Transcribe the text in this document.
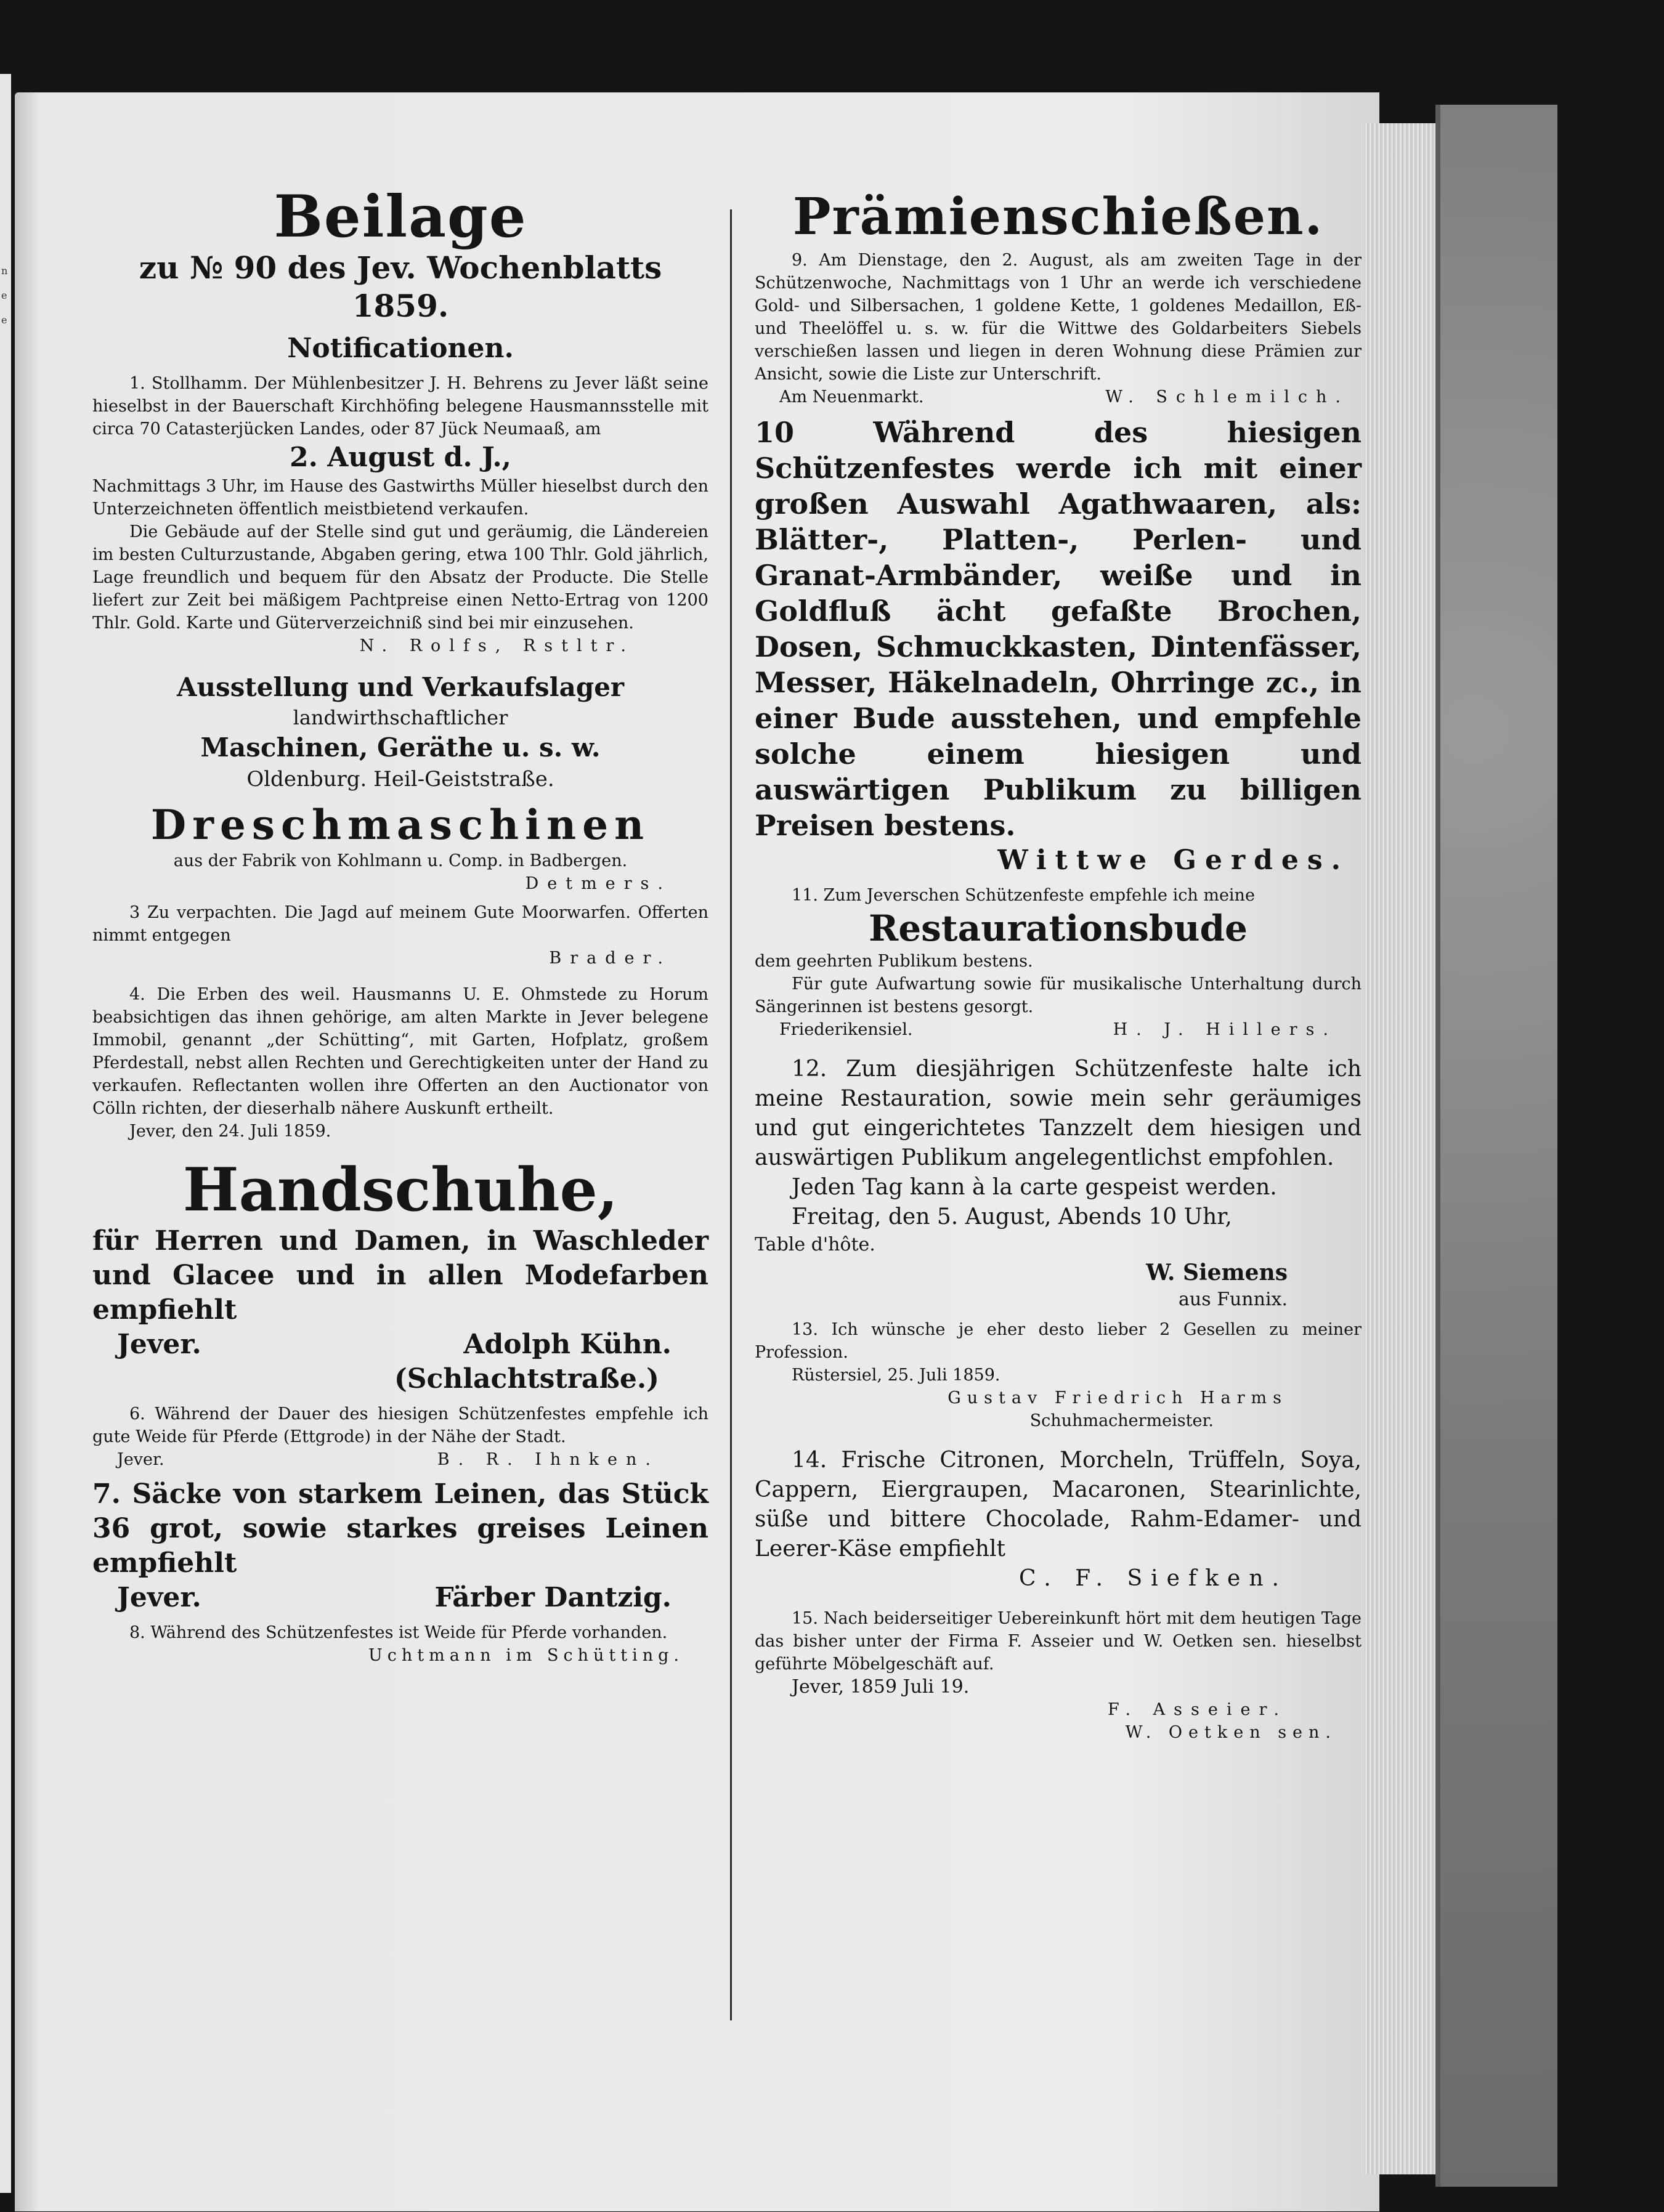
n
e
e

Beilage

zu № 90 des Jev. Wochenblatts 1859.

Notificationen.

1. Stollhamm. Der Mühlenbesitzer J. H. Behrens zu Jever läßt seine hieselbst in der Bauerschaft Kirchhöfing belegene Hausmannsstelle mit circa 70 Catasterjücken Landes, oder 87 Jück Neumaaß, am

2. August d. J.,

Nachmittags 3 Uhr, im Hause des Gastwirths Müller hieselbst durch den Unterzeichneten öffentlich meistbietend verkaufen.

Die Gebäude auf der Stelle sind gut und geräumig, die Ländereien im besten Culturzustande, Abgaben gering, etwa 100 Thlr. Gold jährlich, Lage freundlich und bequem für den Absatz der Producte. Die Stelle liefert zur Zeit bei mäßigem Pachtpreise einen Netto-Ertrag von 1200 Thlr. Gold. Karte und Güterverzeichniß sind bei mir einzusehen.

N. Rolfs, Rstltr.

Ausstellung und Verkaufslager

landwirthschaftlicher

Maschinen, Geräthe u. s. w.

Oldenburg. Heil-Geiststraße.

Dreschmaschinen

aus der Fabrik von Kohlmann u. Comp. in Badbergen.

Detmers.

3 Zu verpachten. Die Jagd auf meinem Gute Moorwarfen. Offerten nimmt entgegen

Brader.

4. Die Erben des weil. Hausmanns U. E. Ohmstede zu Horum beabsichtigen das ihnen gehörige, am alten Markte in Jever belegene Immobil, genannt „der Schütting“, mit Garten, Hofplatz, großem Pferdestall, nebst allen Rechten und Gerechtigkeiten unter der Hand zu verkaufen. Reflectanten wollen ihre Offerten an den Auctionator von Cölln richten, der dieserhalb nähere Auskunft ertheilt.

Jever, den 24. Juli 1859.

Handschuhe,

für Herren und Damen, in Waschleder und Glacee und in allen Modefarben empfiehlt

Jever.	Adolph Kühn.

(Schlachtstraße.)

6. Während der Dauer des hiesigen Schützenfestes empfehle ich gute Weide für Pferde (Ettgrode) in der Nähe der Stadt.

Jever.	B. R. Ihnken.

7. Säcke von starkem Leinen, das Stück 36 grot, sowie starkes greises Leinen empfiehlt

Jever.	Färber Dantzig.

8. Während des Schützenfestes ist Weide für Pferde vorhanden.

Uchtmann im Schütting.

Prämienschießen.

9. Am Dienstage, den 2. August, als am zweiten Tage in der Schützenwoche, Nachmittags von 1 Uhr an werde ich verschiedene Gold- und Silbersachen, 1 goldene Kette, 1 goldenes Medaillon, Eß- und Theelöffel u. s. w. für die Wittwe des Goldarbeiters Siebels verschießen lassen und liegen in deren Wohnung diese Prämien zur Ansicht, sowie die Liste zur Unterschrift.

Am Neuenmarkt.	W. Schlemilch.

10 Während des hiesigen Schützenfestes werde ich mit einer großen Auswahl Agathwaaren, als: Blätter-, Platten-, Perlen- und Granat-Armbänder, weiße und in Goldfluß ächt gefaßte Brochen, Dosen, Schmuckkasten, Dintenfässer, Messer, Häkelnadeln, Ohrringe zc., in einer Bude ausstehen, und empfehle solche einem hiesigen und auswärtigen Publikum zu billigen Preisen bestens.

Wittwe Gerdes.

11. Zum Jeverschen Schützenfeste empfehle ich meine

Restaurationsbude

dem geehrten Publikum bestens.

Für gute Aufwartung sowie für musikalische Unterhaltung durch Sängerinnen ist bestens gesorgt.

Friederikensiel.	H. J. Hillers.

12. Zum diesjährigen Schützenfeste halte ich meine Restauration, sowie mein sehr geräumiges und gut eingerichtetes Tanzzelt dem hiesigen und auswärtigen Publikum angelegentlichst empfohlen.

Jeden Tag kann à la carte gespeist werden.

Freitag, den 5. August, Abends 10 Uhr,

Table d'hôte.

W. Siemens

aus Funnix.

13. Ich wünsche je eher desto lieber 2 Gesellen zu meiner Profession.

Rüstersiel, 25. Juli 1859.

Gustav Friedrich Harms

Schuhmachermeister.

14. Frische Citronen, Morcheln, Trüffeln, Soya, Cappern, Eiergraupen, Macaronen, Stearinlichte, süße und bittere Chocolade, Rahm-Edamer- und Leerer-Käse empfiehlt

C. F. Siefken.

15. Nach beiderseitiger Uebereinkunft hört mit dem heutigen Tage das bisher unter der Firma F. Asseier und W. Oetken sen. hieselbst geführte Möbelgeschäft auf.

Jever, 1859 Juli 19.

F. Asseier.

W. Oetken sen.
